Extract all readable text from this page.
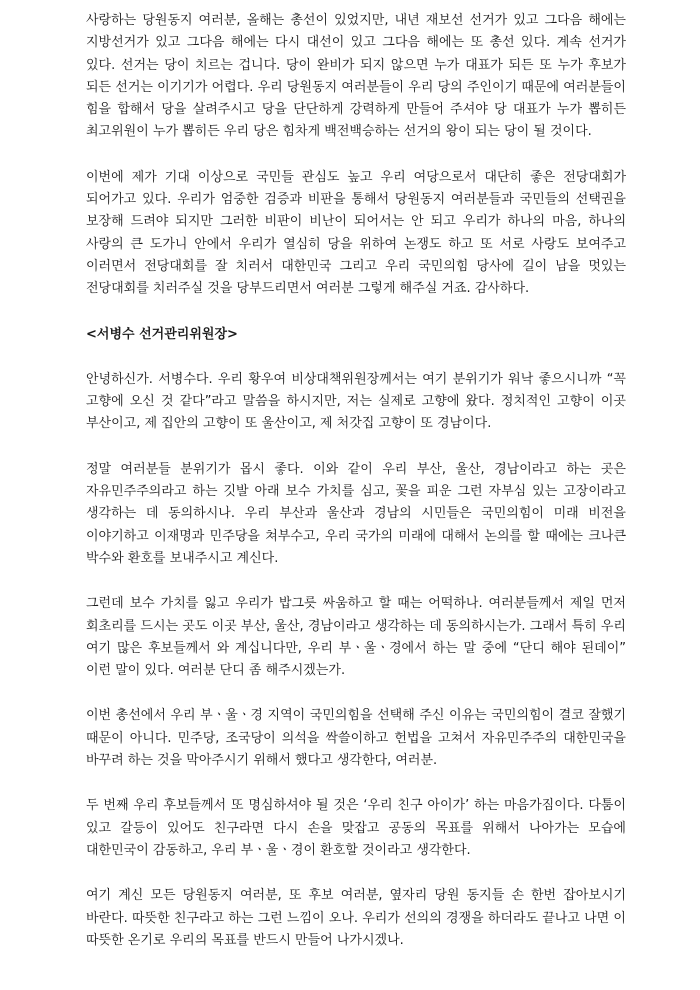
사랑하는 당원동지 여러분, 올해는 총선이 있었지만, 내년 재보선 선거가 있고 그다음 해에는 지방선거가 있고 그다음 해에는 다시 대선이 있고 그다음 해에는 또 총선 있다. 계속 선거가 있다. 선거는 당이 치르는 겁니다. 당이 완비가 되지 않으면 누가 대표가 되든 또 누가 후보가 되든 선거는 이기기가 어렵다. 우리 당원동지 여러분들이 우리 당의 주인이기 때문에 여러분들이 힘을 합해서 당을 살려주시고 당을 단단하게 강력하게 만들어 주셔야 당 대표가 누가 뽑히든 최고위원이 누가 뽑히든 우리 당은 힘차게 백전백승하는 선거의 왕이 되는 당이 될 것이다.

이번에 제가 기대 이상으로 국민들 관심도 높고 우리 여당으로서 대단히 좋은 전당대회가 되어가고 있다. 우리가 엄중한 검증과 비판을 통해서 당원동지 여러분들과 국민들의 선택권을 보장해 드려야 되지만 그러한 비판이 비난이 되어서는 안 되고 우리가 하나의 마음, 하나의 사랑의 큰 도가니 안에서 우리가 열심히 당을 위하여 논쟁도 하고 또 서로 사랑도 보여주고 이러면서 전당대회를 잘 치러서 대한민국 그리고 우리 국민의힘 당사에 길이 남을 멋있는 전당대회를 치러주실 것을 당부드리면서 여러분 그렇게 해주실 거죠. 감사하다.

<서병수 선거관리위원장>

안녕하신가. 서병수다. 우리 황우여 비상대책위원장께서는 여기 분위기가 워낙 좋으시니까 “꼭 고향에 오신 것 같다”라고 말씀을 하시지만, 저는 실제로 고향에 왔다. 정치적인 고향이 이곳 부산이고, 제 집안의 고향이 또 울산이고, 제 처갓집 고향이 또 경남이다.

정말 여러분들 분위기가 몹시 좋다. 이와 같이 우리 부산, 울산, 경남이라고 하는 곳은 자유민주주의라고 하는 깃발 아래 보수 가치를 심고, 꽃을 피운 그런 자부심 있는 고장이라고 생각하는 데 동의하시나. 우리 부산과 울산과 경남의 시민들은 국민의힘이 미래 비전을 이야기하고 이재명과 민주당을 쳐부수고, 우리 국가의 미래에 대해서 논의를 할 때에는 크나큰 박수와 환호를 보내주시고 계신다.

그런데 보수 가치를 잃고 우리가 밥그릇 싸움하고 할 때는 어떡하나. 여러분들께서 제일 먼저 회초리를 드시는 곳도 이곳 부산, 울산, 경남이라고 생각하는 데 동의하시는가. 그래서 특히 우리 여기 많은 후보들께서 와 계십니다만, 우리 부ㆍ울ㆍ경에서 하는 말 중에 “단디 해야 된데이” 이런 말이 있다. 여러분 단디 좀 해주시겠는가.

이번 총선에서 우리 부ㆍ울ㆍ경 지역이 국민의힘을 선택해 주신 이유는 국민의힘이 결코 잘했기 때문이 아니다. 민주당, 조국당이 의석을 싹쓸이하고 헌법을 고쳐서 자유민주주의 대한민국을 바꾸려 하는 것을 막아주시기 위해서 했다고 생각한다, 여러분.

두 번째 우리 후보들께서 또 명심하셔야 될 것은 ‘우리 친구 아이가’ 하는 마음가짐이다. 다툼이 있고 갈등이 있어도 친구라면 다시 손을 맞잡고 공동의 목표를 위해서 나아가는 모습에 대한민국이 감동하고, 우리 부ㆍ울ㆍ경이 환호할 것이라고 생각한다.

여기 계신 모든 당원동지 여러분, 또 후보 여러분, 옆자리 당원 동지들 손 한번 잡아보시기 바란다. 따뜻한 친구라고 하는 그런 느낌이 오나. 우리가 선의의 경쟁을 하더라도 끝나고 나면 이 따뜻한 온기로 우리의 목표를 반드시 만들어 나가시겠나.
